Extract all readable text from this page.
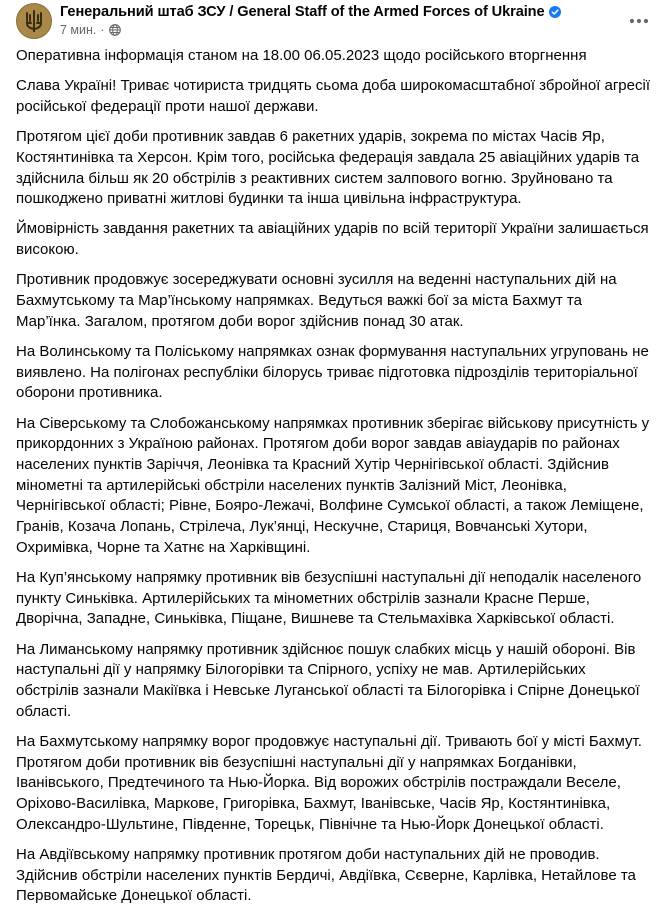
Генеральний штаб ЗСУ / General Staff of the Armed Forces of Ukraine
7 мин. ·

Оперативна інформація станом на 18.00 06.05.2023 щодо російського вторгнення

Слава Україні! Триває чотириста тридцять сьома доба широкомасштабної збройної агресії російської федерації проти нашої держави.

Протягом цієї доби противник завдав 6 ракетних ударів, зокрема по містах Часів Яр, Костянтинівка та Херсон. Крім того, російська федерація завдала 25 авіаційних ударів та здійснила більш як 20 обстрілів з реактивних систем залпового вогню. Зруйновано та пошкоджено приватні житлові будинки та інша цивільна інфраструктура.

Ймовірність завдання ракетних та авіаційних ударів по всій території України залишається високою.

Противник продовжує зосереджувати основні зусилля на веденні наступальних дій на Бахмутському та Мар’їнському напрямках. Ведуться важкі бої за міста Бахмут та Мар’їнка. Загалом, протягом доби ворог здійснив понад 30 атак.

На Волинському та Поліському напрямках ознак формування наступальних угруповань не виявлено. На полігонах республіки білорусь триває підготовка підрозділів територіальної оборони противника.

На Сіверському та Слобожанському напрямках противник зберігає військову присутність у прикордонних з Україною районах. Протягом доби ворог завдав авіаударів по районах населених пунктів Заріччя, Леонівка та Красний Хутір Чернігівської області. Здійснив мінометні та артилерійські обстріли населених пунктів Залізний Міст, Леонівка, Чернігівської області; Рівне, Бояро-Лежачі, Волфине Сумської області, а також Леміщене, Гранів, Козача Лопань, Стрілеча, Лук’янці, Нескучне, Стариця, Вовчанські Хутори, Охримівка, Чорне та Хатнє на Харківщині.

На Куп’янському напрямку противник вів безуспішні наступальні дії неподалік населеного пункту Синьківка. Артилерійських та мінометних обстрілів зазнали Красне Перше, Дворічна, Западне, Синьківка, Піщане, Вишневе та Стельмахівка Харківської області.

На Лиманському напрямку противник здійснює пошук слабких місць у нашій обороні. Вів наступальні дії у напрямку Білогорівки та Спірного, успіху не мав. Артилерійських обстрілів зазнали Макіївка і Невське Луганської області та Білогорівка і Спірне Донецької області.

На Бахмутському напрямку ворог продовжує наступальні дії. Тривають бої у місті Бахмут. Протягом доби противник вів безуспішні наступальні дії у напрямках Богданівки, Іванівського, Предтечиного та Нью-Йорка. Від ворожих обстрілів постраждали Веселе, Оріхово-Василівка, Маркове, Григорівка, Бахмут, Іванівське, Часів Яр, Костянтинівка, Олександро-Шультине, Південне, Торецьк, Північне та Нью-Йорк Донецької області.

На Авдіївському напрямку противник протягом доби наступальних дій не проводив. Здійснив обстріли населених пунктів Бердичі, Авдіївка, Сєверне, Карлівка, Нетайлове та Первомайське Донецької області.
